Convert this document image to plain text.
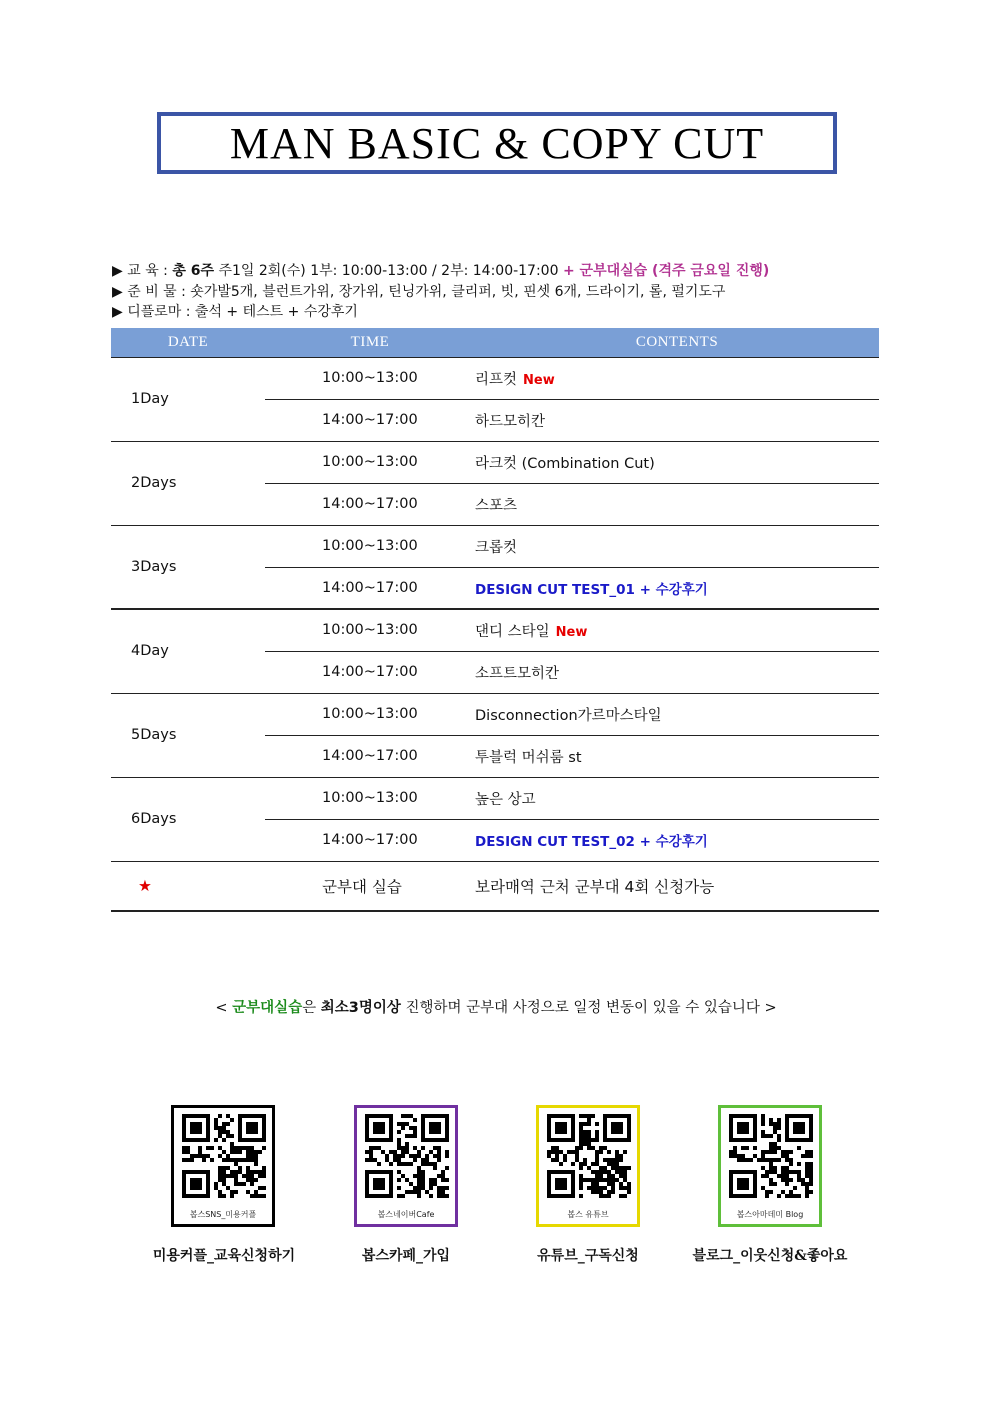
MAN BASIC & COPY CUT
▶ 교 육 : 총 6주 주1일 2회(수) 1부: 10:00-13:00 / 2부: 14:00-17:00 + 군부대실습 (격주 금요일 진행)
▶ 준 비 물 : 숏가발5개, 블런트가위, 장가위, 틴닝가위, 클리퍼, 빗, 핀셋 6개, 드라이기, 롤, 펄기도구
▶ 디플로마 : 출석 + 테스트 + 수강후기
DATE	TIME	CONTENTS
1Day	10:00~13:00	리프컷 New
	14:00~17:00	하드모히칸
2Days	10:00~13:00	라크컷 (Combination Cut)
	14:00~17:00	스포츠
3Days	10:00~13:00	크롭컷
	14:00~17:00	DESIGN CUT TEST_01 + 수강후기
4Day	10:00~13:00	댄디 스타일 New
	14:00~17:00	소프트모히칸
5Days	10:00~13:00	Disconnection가르마스타일
	14:00~17:00	투블럭 머쉬룸 st
6Days	10:00~13:00	높은 상고
	14:00~17:00	DESIGN CUT TEST_02 + 수강후기
★	군부대 실습	보라매역 근처 군부대 4회 신청가능
< 군부대실습은 최소3명이상 진행하며 군부대 사정으로 일정 변동이 있을 수 있습니다 >
봅스SNS_미용커플
미용커플_교육신청하기
봅스네이버Cafe
봅스카페_가입
봅스 유튜브
유튜브_구독신청
봅스아마데미 Blog
블로그_이웃신청&좋아요
